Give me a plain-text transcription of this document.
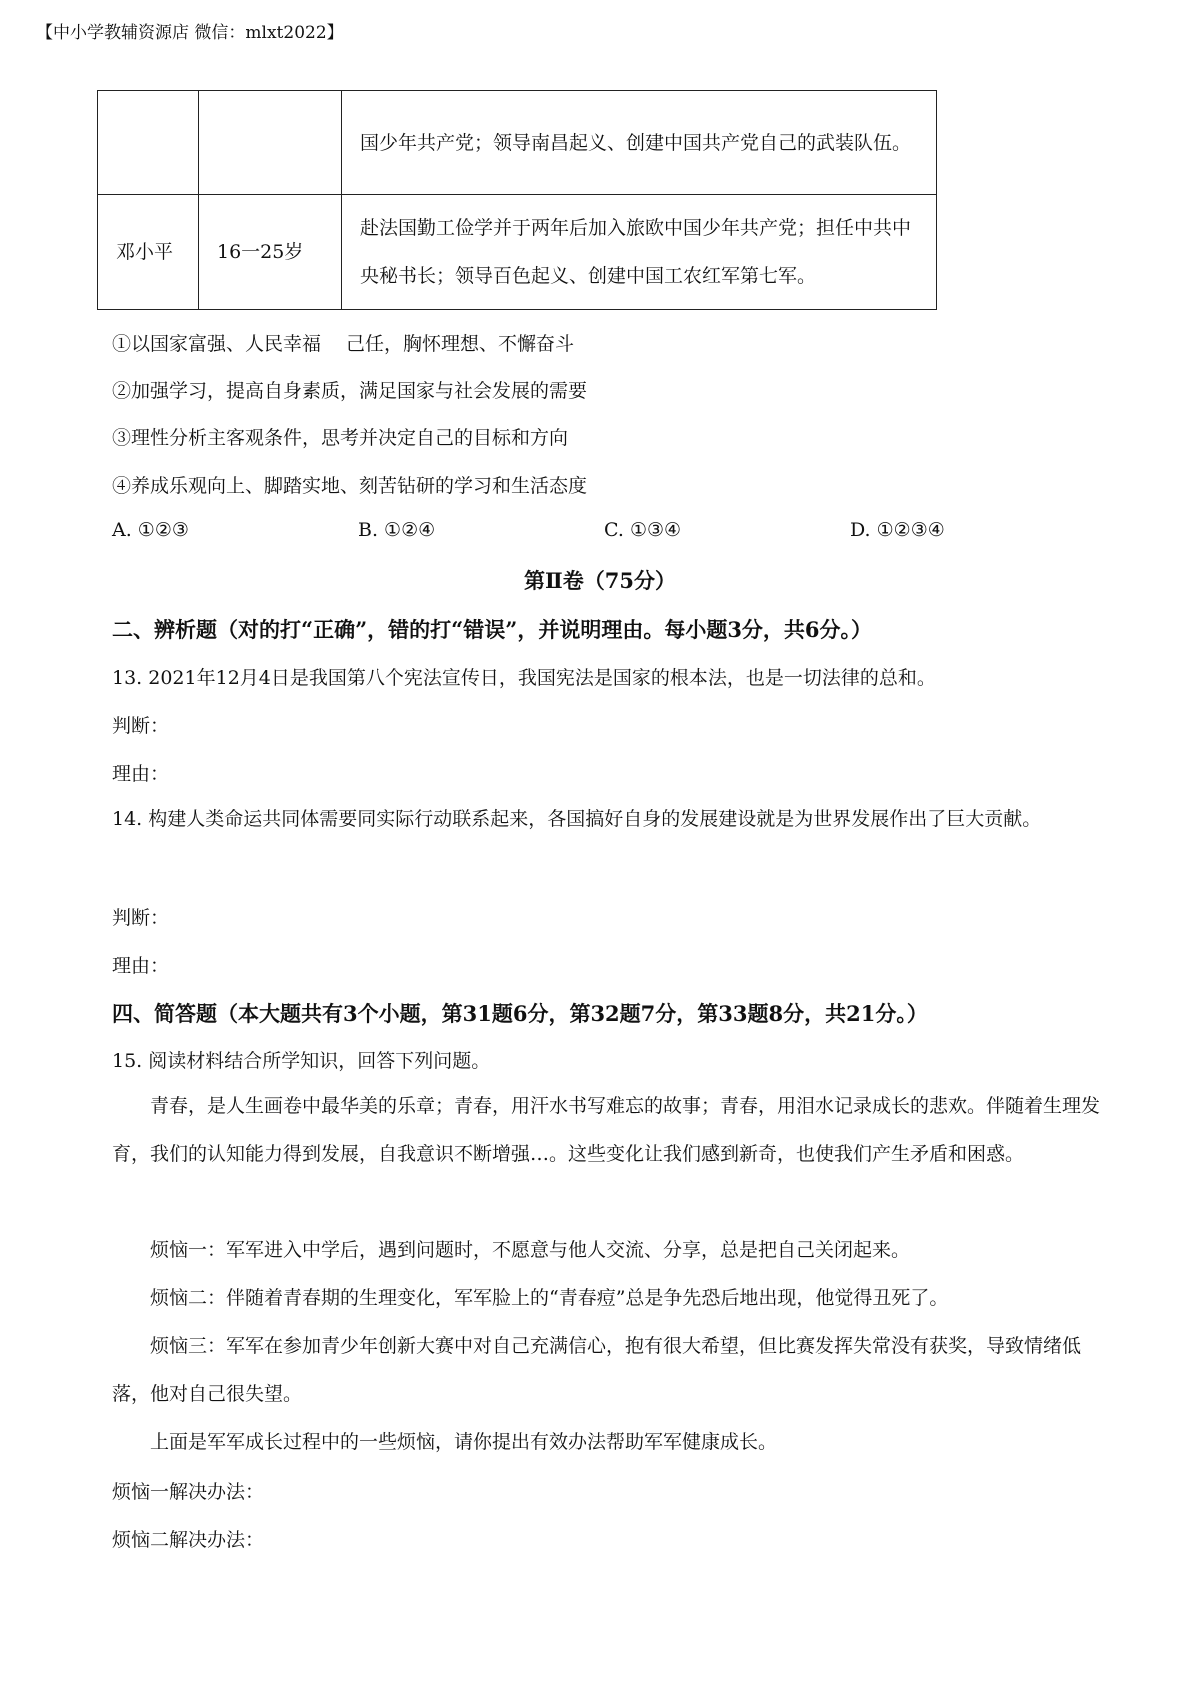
【中小学教辅资源店 微信：mlxt2022】
		国少年共产党；领导南昌起义、创建中国共产党自己的武装队伍。
邓小平	16一25岁	赴法国勤工俭学并于两年后加入旅欧中国少年共产党；担任中共中央秘书长；领导百色起义、创建中国工农红军第七军。
①以国家富强、人民幸福　 己任，胸怀理想、不懈奋斗
②加强学习，提高自身素质，满足国家与社会发展的需要
③理性分析主客观条件，思考并决定自己的目标和方向
④养成乐观向上、脚踏实地、刻苦钻研的学习和生活态度
A. ①②③	B. ①②④	C. ①③④	D. ①②③④
第Ⅱ卷（75分）
二、辨析题（对的打“正确”，错的打“错误”，并说明理由。每小题3分，共6分。）
13. 2021年12月4日是我国第八个宪法宣传日，我国宪法是国家的根本法，也是一切法律的总和。
判断：
理由：
14. 构建人类命运共同体需要同实际行动联系起来，各国搞好自身的发展建设就是为世界发展作出了巨大贡献。
判断：
理由：
四、简答题（本大题共有3个小题，第31题6分，第32题7分，第33题8分，共21分。）
15. 阅读材料结合所学知识，回答下列问题。
青春，是人生画卷中最华美的乐章；青春，用汗水书写难忘的故事；青春，用泪水记录成长的悲欢。伴随着生理发育，我们的认知能力得到发展，自我意识不断增强…。这些变化让我们感到新奇，也使我们产生矛盾和困惑。
烦恼一：军军进入中学后，遇到问题时，不愿意与他人交流、分享，总是把自己关闭起来。
烦恼二：伴随着青春期的生理变化，军军脸上的“青春痘”总是争先恐后地出现，他觉得丑死了。
烦恼三：军军在参加青少年创新大赛中对自己充满信心，抱有很大希望，但比赛发挥失常没有获奖，导致情绪低落，他对自己很失望。
上面是军军成长过程中的一些烦恼，请你提出有效办法帮助军军健康成长。
烦恼一解决办法：
烦恼二解决办法：
